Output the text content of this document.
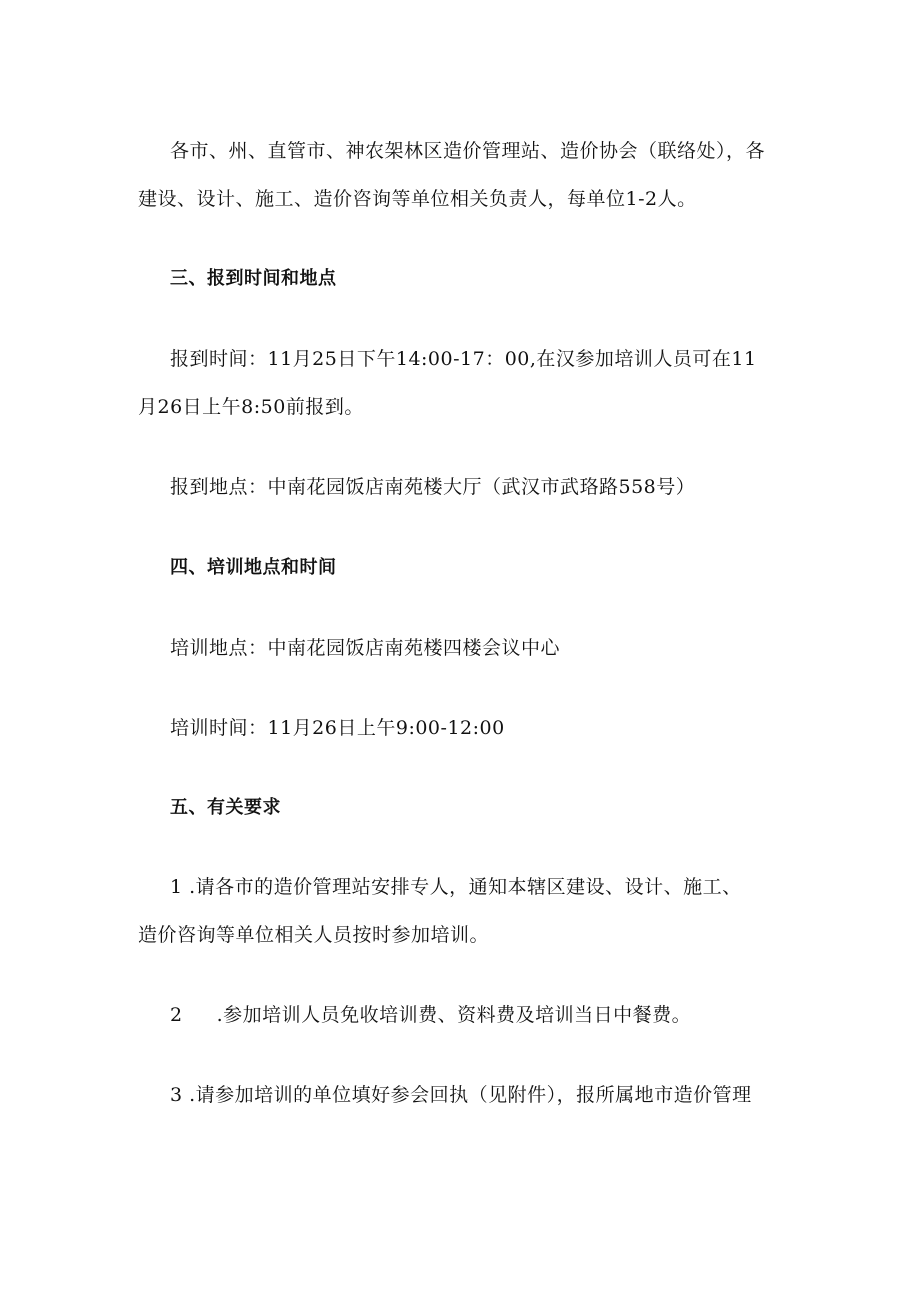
各市、州、直管市、神农架林区造价管理站、造价协会（联络处），各
建设、设计、施工、造价咨询等单位相关负责人，每单位1-2人。
三、报到时间和地点
报到时间：11月25日下午14:00-17：00,在汉参加培训人员可在11
月26日上午8:50前报到。
报到地点：中南花园饭店南苑楼大厅（武汉市武珞路558号）
四、培训地点和时间
培训地点：中南花园饭店南苑楼四楼会议中心
培训时间：11月26日上午9:00-12:00
五、有关要求
1 .请各市的造价管理站安排专人，通知本辖区建设、设计、施工、
造价咨询等单位相关人员按时参加培训。
2 .参加培训人员免收培训费、资料费及培训当日中餐费。
3 .请参加培训的单位填好参会回执（见附件），报所属地市造价管理
